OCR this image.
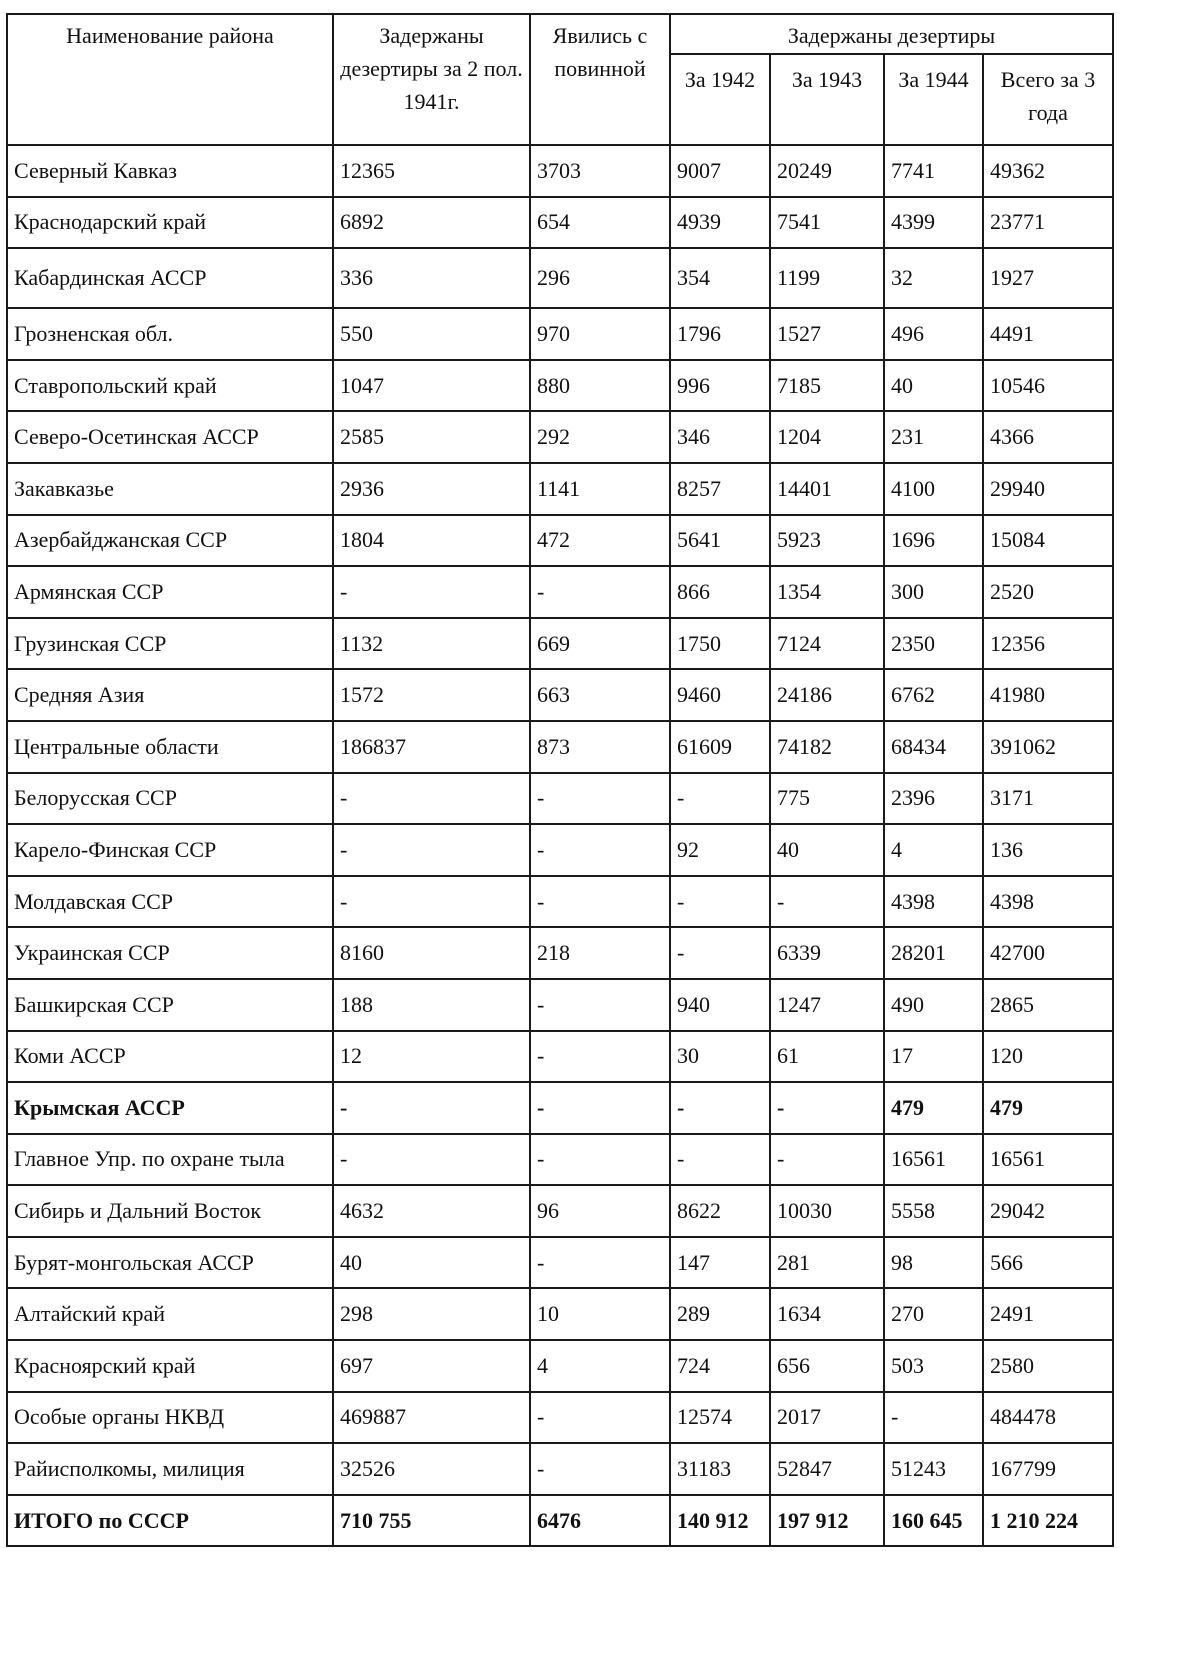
Наименование района	Задержаны дезертиры за 2 пол. 1941г.	Явились с повинной	Задержаны дезертиры			
			За 1942	За 1943	За 1944	Всего за 3 года
Северный Кавказ	12365	3703	9007	20249	7741	49362
Краснодарский край	6892	654	4939	7541	4399	23771
Кабардинская АССР	336	296	354	1199	32	1927
Грозненская обл.	550	970	1796	1527	496	4491
Ставропольский край	1047	880	996	7185	40	10546
Северо-Осетинская АССР	2585	292	346	1204	231	4366
Закавказье	2936	1141	8257	14401	4100	29940
Азербайджанская ССР	1804	472	5641	5923	1696	15084
Армянская ССР	-	-	866	1354	300	2520
Грузинская ССР	1132	669	1750	7124	2350	12356
Средняя Азия	1572	663	9460	24186	6762	41980
Центральные области	186837	873	61609	74182	68434	391062
Белорусская ССР	-	-	-	775	2396	3171
Карело-Финская ССР	-	-	92	40	4	136
Молдавская ССР	-	-	-	-	4398	4398
Украинская ССР	8160	218	-	6339	28201	42700
Башкирская ССР	188	-	940	1247	490	2865
Коми АССР	12	-	30	61	17	120
Крымская АССР	-	-	-	-	479	479
Главное Упр. по охране тыла	-	-	-	-	16561	16561
Сибирь и Дальний Восток	4632	96	8622	10030	5558	29042
Бурят-монгольская АССР	40	-	147	281	98	566
Алтайский край	298	10	289	1634	270	2491
Красноярский край	697	4	724	656	503	2580
Особые органы НКВД	469887	-	12574	2017	-	484478
Райисполкомы, милиция	32526	-	31183	52847	51243	167799
ИТОГО по СССР	710 755	6476	140 912	197 912	160 645	1 210 224
